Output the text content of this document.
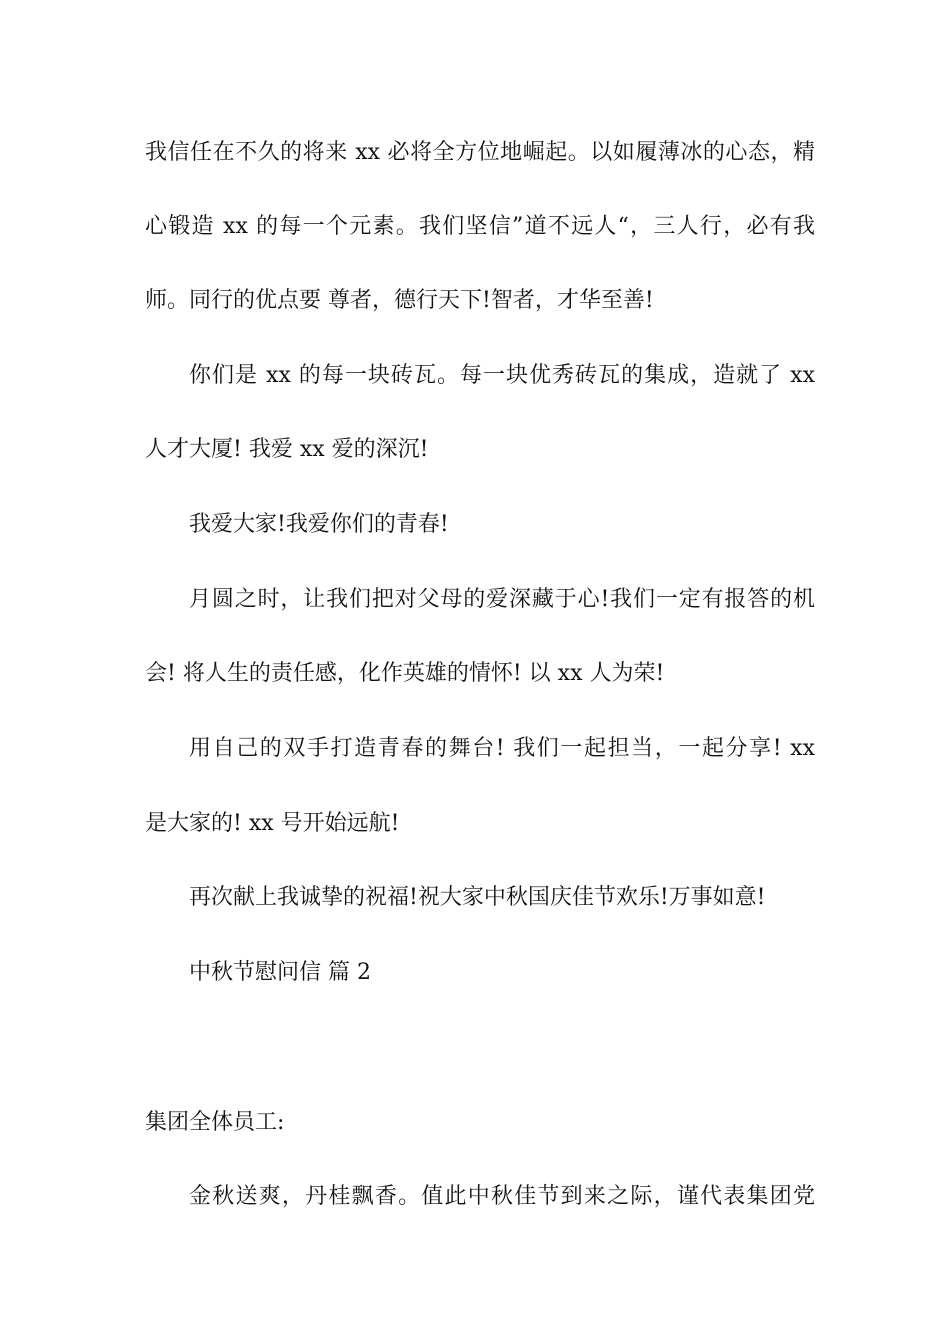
我信任在不久的将来 xx 必将全方位地崛起。以如履薄冰的心态，精
心锻造 xx 的每一个元素。我们坚信”道不远人“，三人行，必有我
师。同行的优点要 尊者，德行天下!智者，才华至善!
你们是 xx 的每一块砖瓦。每一块优秀砖瓦的集成，造就了 xx
人才大厦! 我爱 xx 爱的深沉!
我爱大家!我爱你们的青春!
月圆之时，让我们把对父母的爱深藏于心!我们一定有报答的机
会! 将人生的责任感，化作英雄的情怀! 以 xx 人为荣!
用自己的双手打造青春的舞台! 我们一起担当，一起分享! xx
是大家的! xx 号开始远航!
再次献上我诚挚的祝福!祝大家中秋国庆佳节欢乐!万事如意!
中秋节慰问信 篇 2
集团全体员工:
金秋送爽，丹桂飘香。值此中秋佳节到来之际，谨代表集团党
